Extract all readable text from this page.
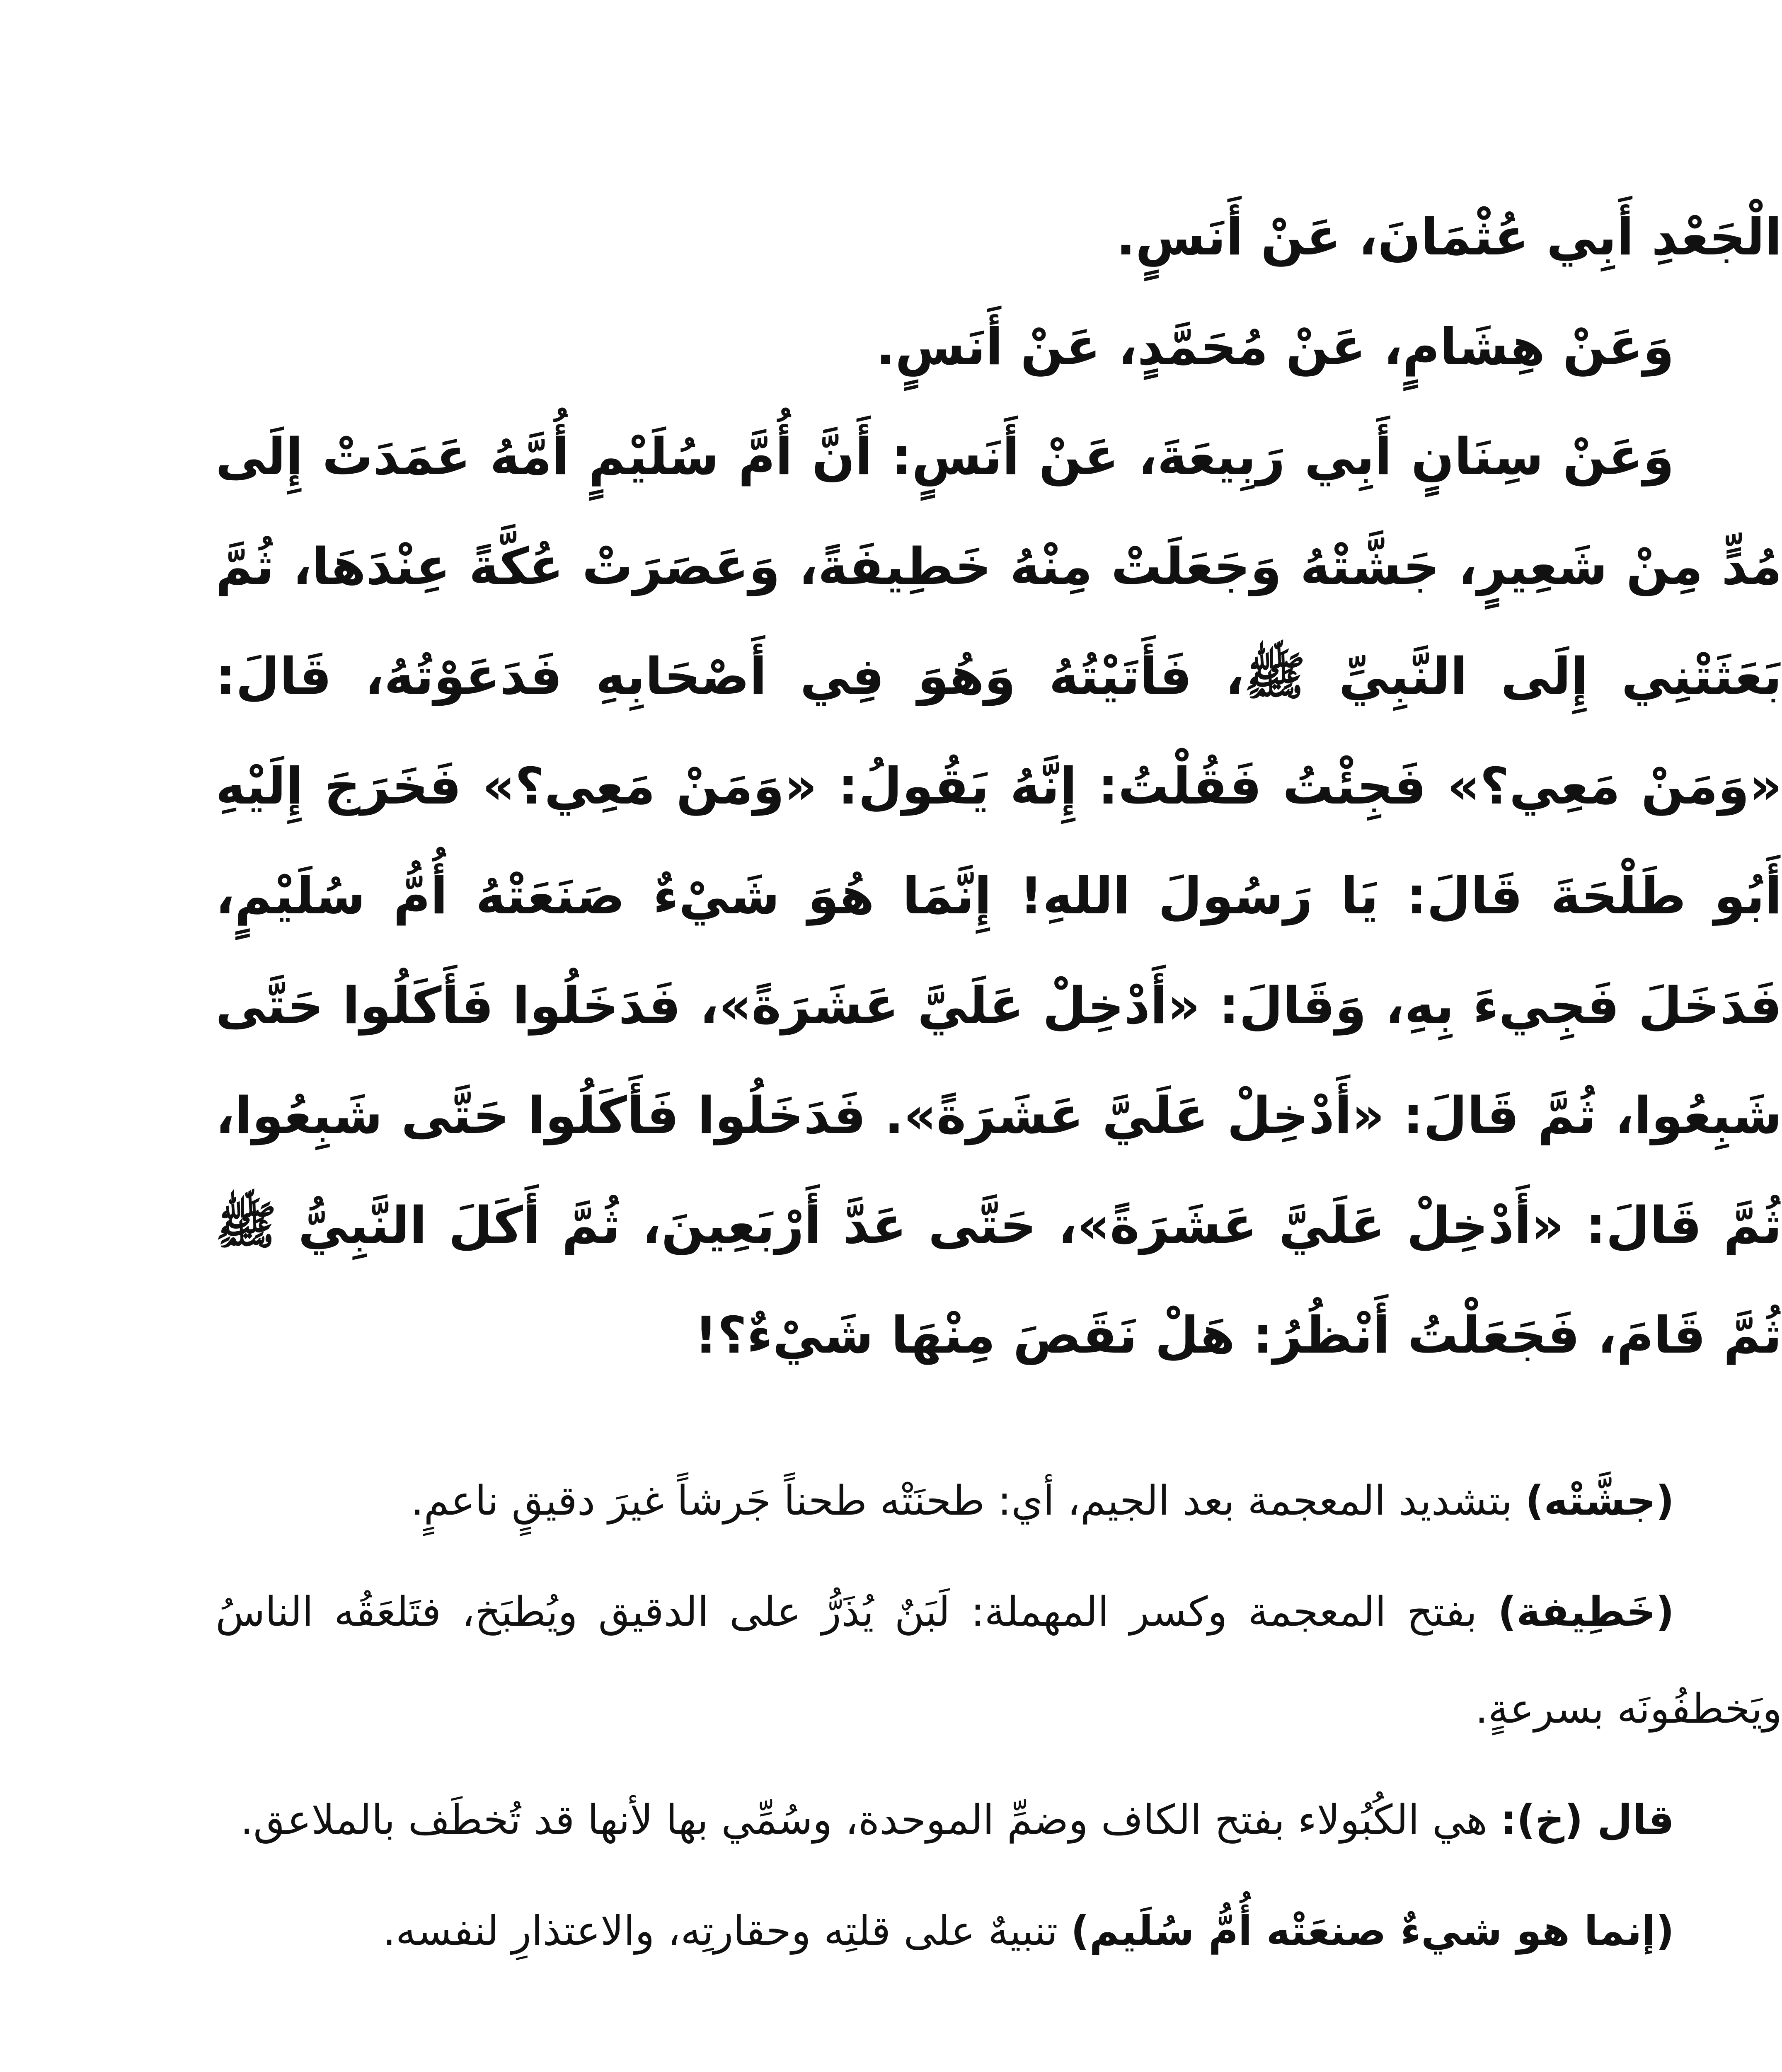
الْجَعْدِ أَبِي عُثْمَانَ، عَنْ أَنَسٍ.

وَعَنْ هِشَامٍ، عَنْ مُحَمَّدٍ، عَنْ أَنَسٍ.

وَعَنْ سِنَانٍ أَبِي رَبِيعَةَ، عَنْ أَنَسٍ: أَنَّ أُمَّ سُلَيْمٍ أُمَّهُ عَمَدَتْ إِلَى مُدٍّ مِنْ شَعِيرٍ، جَشَّتْهُ وَجَعَلَتْ مِنْهُ خَطِيفَةً، وَعَصَرَتْ عُكَّةً عِنْدَهَا، ثُمَّ بَعَثَتْنِي إِلَى النَّبِيِّ ﷺ، فَأَتَيْتُهُ وَهُوَ فِي أَصْحَابِهِ فَدَعَوْتُهُ، قَالَ: «وَمَنْ مَعِي؟» فَجِئْتُ فَقُلْتُ: إِنَّهُ يَقُولُ: «وَمَنْ مَعِي؟» فَخَرَجَ إِلَيْهِ أَبُو طَلْحَةَ قَالَ: يَا رَسُولَ اللهِ! إِنَّمَا هُوَ شَيْءٌ صَنَعَتْهُ أُمُّ سُلَيْمٍ، فَدَخَلَ فَجِيءَ بِهِ، وَقَالَ: «أَدْخِلْ عَلَيَّ عَشَرَةً»، فَدَخَلُوا فَأَكَلُوا حَتَّى شَبِعُوا، ثُمَّ قَالَ: «أَدْخِلْ عَلَيَّ عَشَرَةً». فَدَخَلُوا فَأَكَلُوا حَتَّى شَبِعُوا، ثُمَّ قَالَ: «أَدْخِلْ عَلَيَّ عَشَرَةً»، حَتَّى عَدَّ أَرْبَعِينَ، ثُمَّ أَكَلَ النَّبِيُّ ﷺ ثُمَّ قَامَ، فَجَعَلْتُ أَنْظُرُ: هَلْ نَقَصَ مِنْهَا شَيْءٌ؟!

(جشَّتْه) بتشديد المعجمة بعد الجيم، أي: طحنَتْه طحناً جَرشاً غيرَ دقيقٍ ناعمٍ.

(خَطِيفة) بفتح المعجمة وكسر المهملة: لَبَنٌ يُذَرُّ على الدقيق ويُطبَخ، فتَلعَقُه الناسُ ويَخطفُونَه بسرعةٍ.

قال (خ): هي الكُبُولاء بفتح الكاف وضمِّ الموحدة، وسُمِّي بها لأنها قد تُخطَف بالملاعق.

(إنما هو شيءٌ صنعَتْه أُمُّ سُلَيم) تنبيهٌ على قلتِه وحقارتِه، والاعتذارِ لنفسه.
